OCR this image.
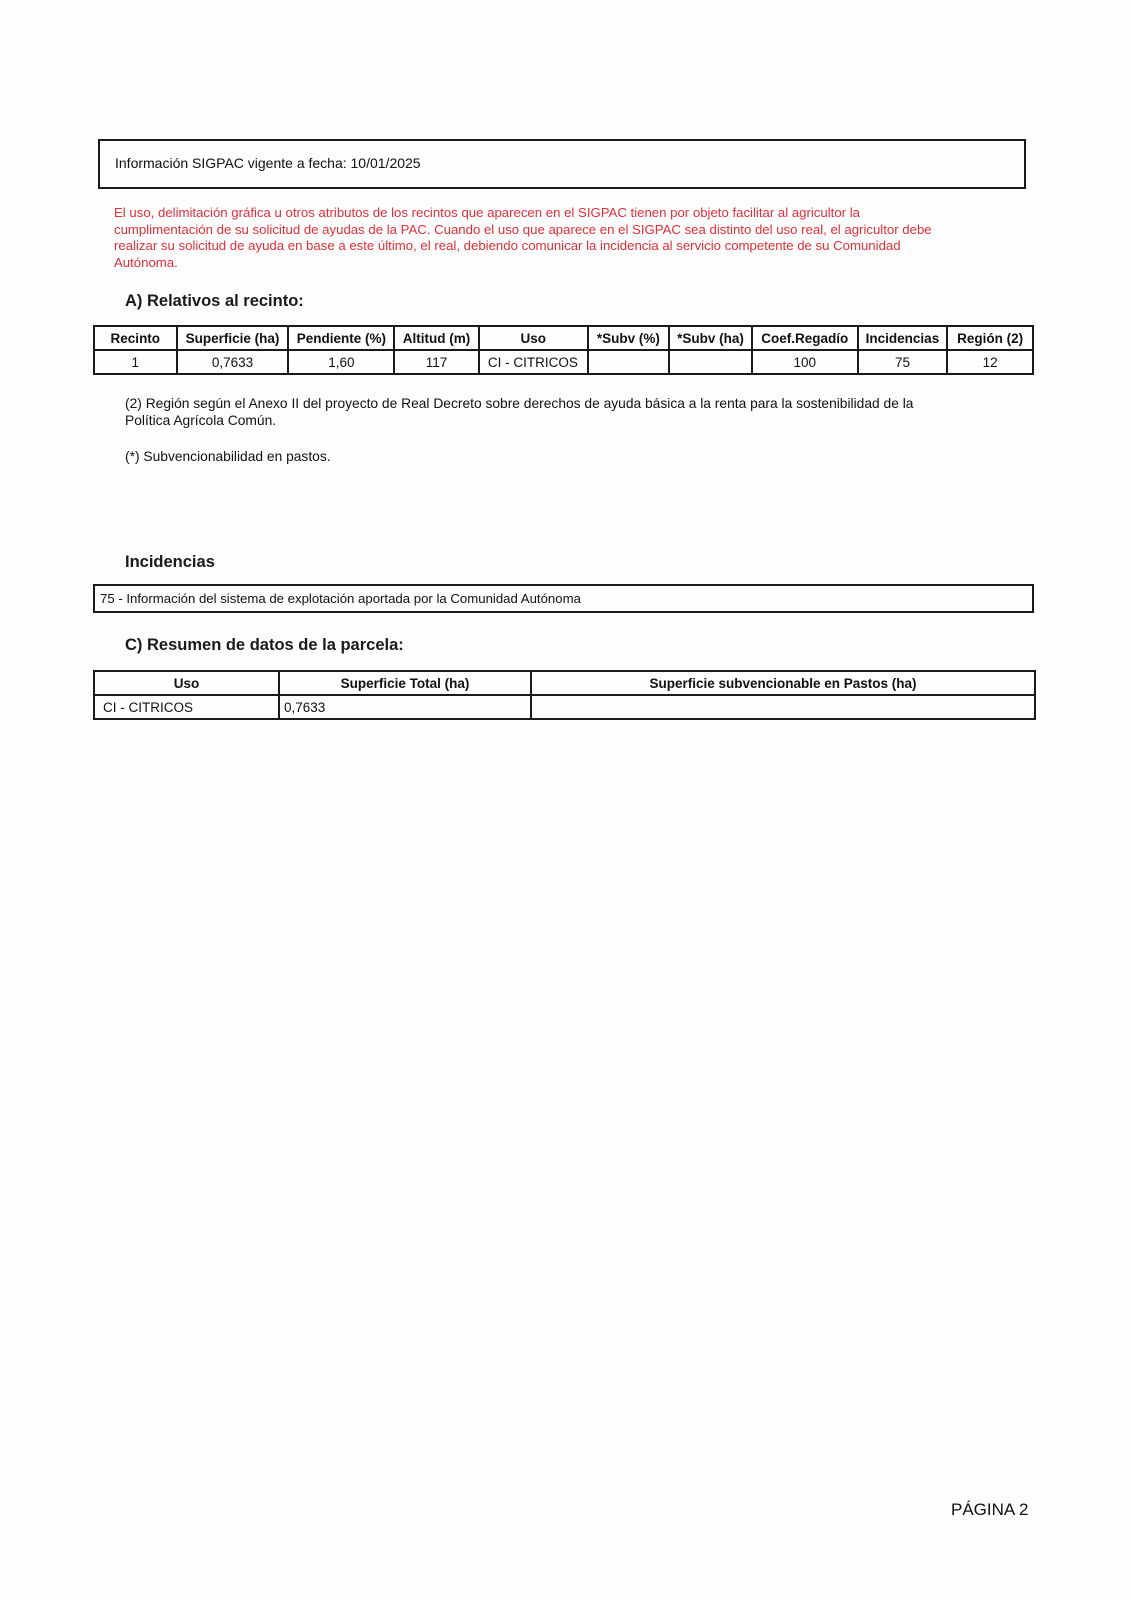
Información SIGPAC vigente a fecha: 10/01/2025
El uso, delimitación gráfica u otros atributos de los recintos que aparecen en el SIGPAC tienen por objeto facilitar al agricultor la
cumplimentación de su solicitud de ayudas de la PAC. Cuando el uso que aparece en el SIGPAC sea distinto del uso real, el agricultor debe
realizar su solicitud de ayuda en base a este último, el real, debiendo comunicar la incidencia al servicio competente de su Comunidad
Autónoma.
A) Relativos al recinto:
Recinto	Superficie (ha)	Pendiente (%)	Altitud (m)	Uso	*Subv (%)	*Subv (ha)	Coef.Regadío	Incidencias	Región (2)
1	0,7633	1,60	117	CI - CITRICOS			100	75	12
(2) Región según el Anexo II del proyecto de Real Decreto sobre derechos de ayuda básica a la renta para la sostenibilidad de la
Política Agrícola Común.
(*) Subvencionabilidad en pastos.
Incidencias
75 - Información del sistema de explotación aportada por la Comunidad Autónoma
C) Resumen de datos de la parcela:
Uso	Superficie Total (ha)	Superficie subvencionable en Pastos (ha)
CI - CITRICOS	0,7633	
PÁGINA 2
